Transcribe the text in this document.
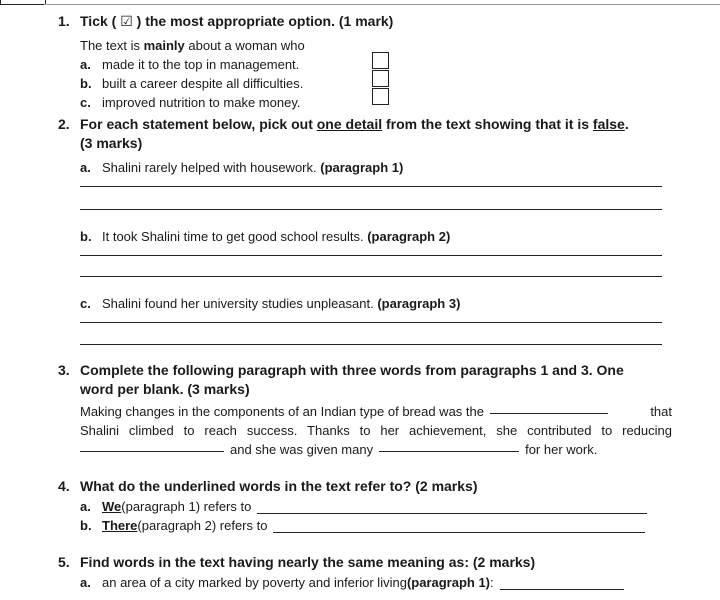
1. Tick ( ☑ ) the most appropriate option. (1 mark)
The text is mainly about a woman who
a. made it to the top in management.
b. built a career despite all difficulties.
c. improved nutrition to make money.
2. For each statement below, pick out one detail from the text showing that it is false.
(3 marks)
a. Shalini rarely helped with housework. (paragraph 1)
b. It took Shalini time to get good school results. (paragraph 2)
c. Shalini found her university studies unpleasant. (paragraph 3)
3. Complete the following paragraph with three words from paragraphs 1 and 3. One
word per blank. (3 marks)
Making changes in the components of an Indian type of bread was the	that
Shalini climbed to reach success. Thanks to her achievement, she contributed to reducing
and she was given many	for her work.
4. What do the underlined words in the text refer to? (2 marks)
a. We (paragraph 1) refers to
b. There (paragraph 2) refers to
5. Find words in the text having nearly the same meaning as: (2 marks)
a. an area of a city marked by poverty and inferior living (paragraph 1) :
